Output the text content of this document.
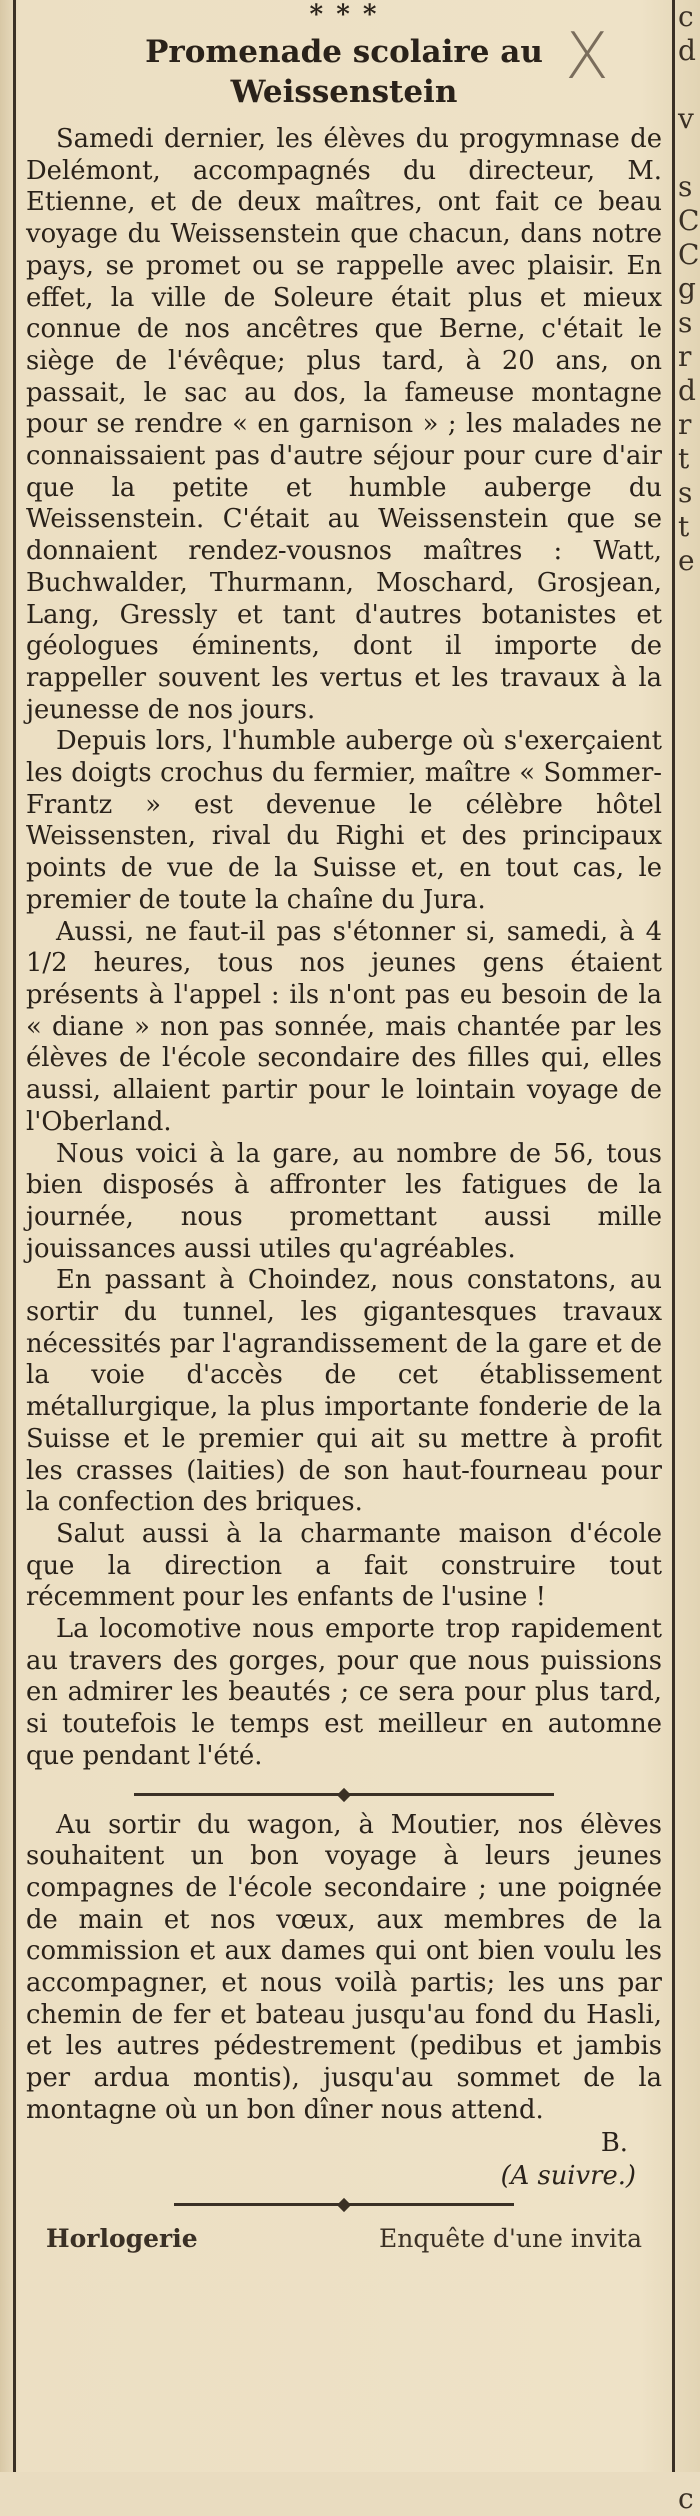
c
d

v

s
C
C
g
s
r
d
r
t
s
t
e

c
X
* * *
Promenade scolaire au
Weissenstein

Samedi dernier, les élèves du progymnase de Delémont, accompagnés du directeur, M. Etienne, et de deux maîtres, ont fait ce beau voyage du Weissenstein que chacun, dans notre pays, se promet ou se rappelle avec plaisir. En effet, la ville de Soleure était plus et mieux connue de nos ancêtres que Berne, c'était le siège de l'évêque; plus tard, à 20 ans, on passait, le sac au dos, la fameuse montagne pour se rendre « en garnison » ; les malades ne connaissaient pas d'autre séjour pour cure d'air que la petite et humble auberge du Weissenstein. C'était au Weissenstein que se donnaient rendez-vousnos maîtres : Watt, Buchwalder, Thurmann, Moschard, Grosjean, Lang, Gressly et tant d'autres botanistes et géologues éminents, dont il importe de rappeller souvent les vertus et les travaux à la jeunesse de nos jours.

Depuis lors, l'humble auberge où s'exerçaient les doigts crochus du fermier, maître « Sommer-Frantz » est devenue le célèbre hôtel Weissensten, rival du Righi et des principaux points de vue de la Suisse et, en tout cas, le premier de toute la chaîne du Jura.

Aussi, ne faut-il pas s'étonner si, samedi, à 4 1/2 heures, tous nos jeunes gens étaient présents à l'appel : ils n'ont pas eu besoin de la « diane » non pas sonnée, mais chantée par les élèves de l'école secondaire des filles qui, elles aussi, allaient partir pour le lointain voyage de l'Oberland.

Nous voici à la gare, au nombre de 56, tous bien disposés à affronter les fatigues de la journée, nous promettant aussi mille jouissances aussi utiles qu'agréables.

En passant à Choindez, nous constatons, au sortir du tunnel, les gigantesques travaux nécessités par l'agrandissement de la gare et de la voie d'accès de cet établissement métallurgique, la plus importante fonderie de la Suisse et le premier qui ait su mettre à profit les crasses (laities) de son haut-fourneau pour la confection des briques.

Salut aussi à la charmante maison d'école que la direction a fait construire tout récemment pour les enfants de l'usine !

La locomotive nous emporte trop rapidement au travers des gorges, pour que nous puissions en admirer les beautés ; ce sera pour plus tard, si toutefois le temps est meilleur en automne que pendant l'été.

Au sortir du wagon, à Moutier, nos élèves souhaitent un bon voyage à leurs jeunes compagnes de l'école secondaire ; une poignée de main et nos vœux, aux membres de la commission et aux dames qui ont bien voulu les accompagner, et nous voilà partis; les uns par chemin de fer et bateau jusqu'au fond du Hasli, et les autres pédestrement (pedibus et jambis per ardua montis), jusqu'au sommet de la montagne où un bon dîner nous attend.

B.
(A suivre.)
Horlogerie	Enquête d'une invita
